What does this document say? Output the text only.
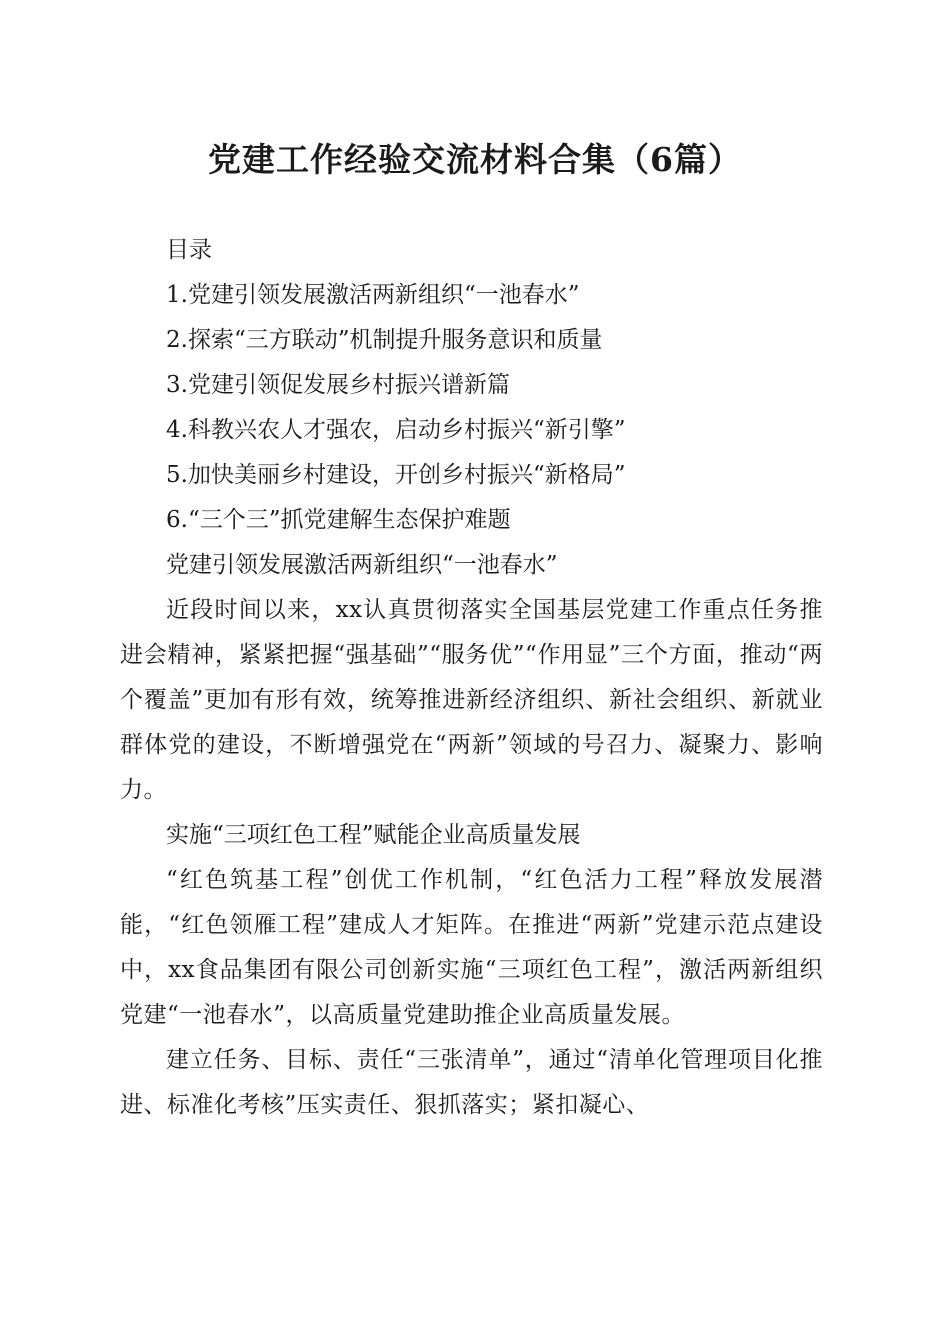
党建工作经验交流材料合集（6篇）

目录

1.党建引领发展激活两新组织“一池春水”
2.探索“三方联动”机制提升服务意识和质量
3.党建引领促发展乡村振兴谱新篇
4.科教兴农人才强农，启动乡村振兴“新引擎”
5.加快美丽乡村建设，开创乡村振兴“新格局”
6.“三个三”抓党建解生态保护难题

党建引领发展激活两新组织“一池春水”

近段时间以来，xx认真贯彻落实全国基层党建工作重点任务推进会精神，紧紧把握“强基础”“服务优”“作用显”三个方面，推动“两个覆盖”更加有形有效，统筹推进新经济组织、新社会组织、新就业群体党的建设，不断增强党在“两新”领域的号召力、凝聚力、影响力。

实施“三项红色工程”赋能企业高质量发展

“红色筑基工程”创优工作机制，“红色活力工程”释放发展潜能，“红色领雁工程”建成人才矩阵。在推进“两新”党建示范点建设中，xx食品集团有限公司创新实施“三项红色工程”，激活两新组织党建“一池春水”，以高质量党建助推企业高质量发展。

建立任务、目标、责任“三张清单”，通过“清单化管理项目化推进、标准化考核”压实责任、狠抓落实；紧扣凝心、
